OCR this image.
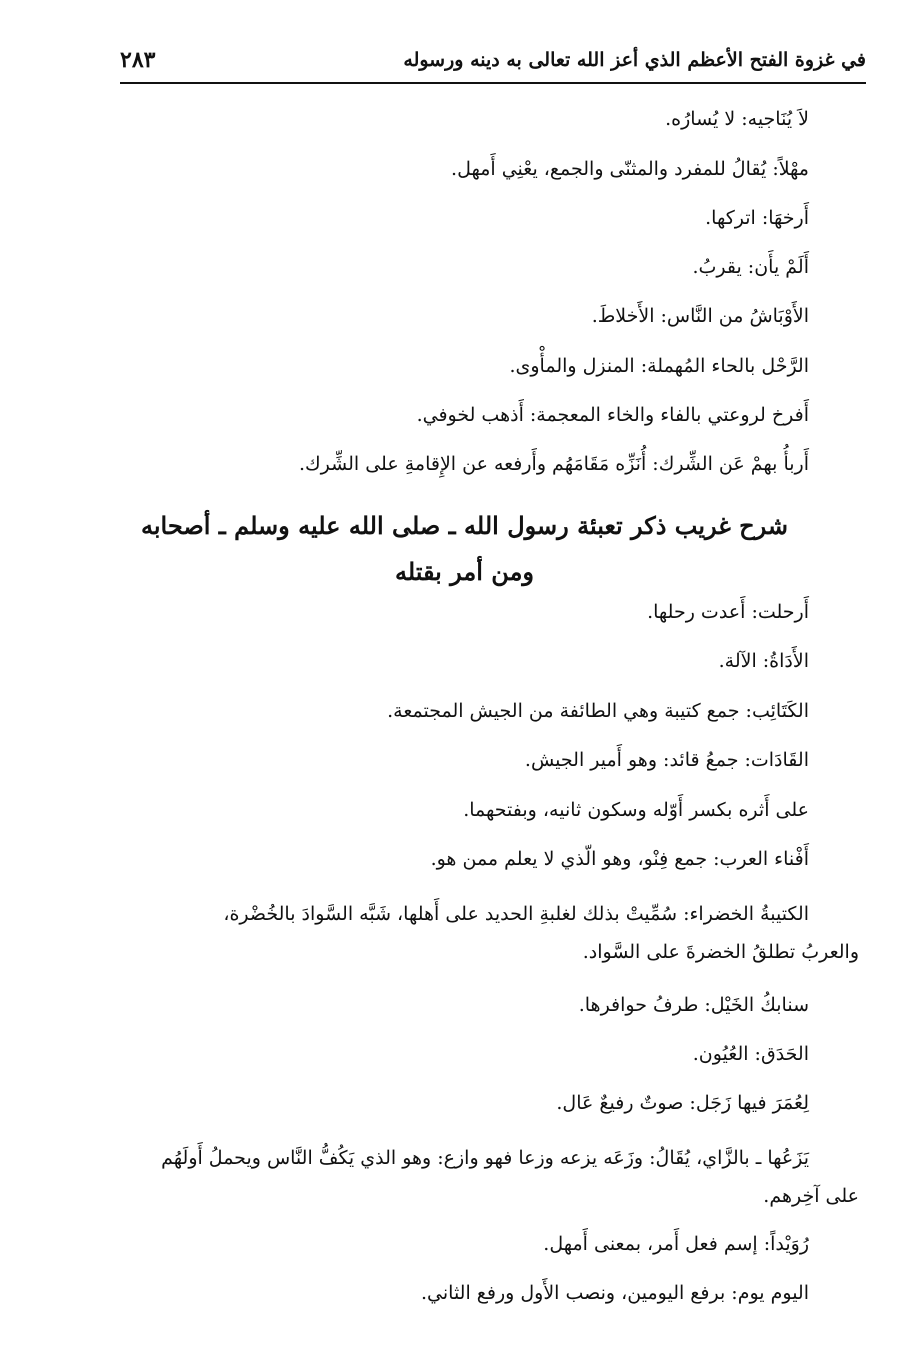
٢٨٣	في غزوة الفتح الأعظم الذي أعز الله تعالى به دينه ورسوله
لاَ يُنَاجيه: لا يُسارُه.
مهْلاً: يُقالُ للمفرد والمثنّى والجمع، يعْنِي أَمهل.
أَرخهَا: اتركها.
أَلَمْ يأَن: يقربُ.
الأَوْبَاشُ من النَّاس: الأَخلاطَ.
الرَّحْل بالحاء المُهملة: المنزل والمأْوى.
أَفرخ لروعتي بالفاء والخاء المعجمة: أَذهب لخوفي.
أَربأُ بهمْ عَن الشِّرك: أُنَزِّه مَقَامَهُم وأَرفعه عن الإِقامةِ على الشِّرك.
شرح غريب ذكر تعبئة رسول الله ـ صلى الله عليه وسلم ـ أصحابه
ومن أمر بقتله
أَرحلت: أَعدت رحلها.
الأَدَاةُ: الآلة.
الكَتَائِب: جمع كتيبة وهي الطائفة من الجيش المجتمعة.
القَادَات: جمعُ قائد: وهو أَمير الجيش.
على أَثره بكسر أَوّله وسكون ثانيه، وبفتحهما.
أَفْناء العرب: جمع فِنْو، وهو الّذي لا يعلم ممن هو.
الكتيبةُ الخضراء: سُمِّيتْ بذلك لغلبةِ الحديد على أَهلها، شَبَّه السَّوادَ بالخُضْرة،
والعربُ تطلقُ الخضرةَ على السَّواد.
سنابكُ الخَيْل: طرفُ حوافرها.
الحَدَق: العُيُون.
لِعُمَرَ فيها زَجَل: صوتٌ رفيعٌ عَال.
يَزَعُها ـ بالزَّاي، يُقَالُ: وزَعَه يزعه وزعا فهو وازع: وهو الذي يَكُفُّ النَّاس ويحملُ أَولَهُم
على آخِرهم.
رُوَيْداً: إسم فعل أَمر، بمعنى أَمهل.
اليوم يوم: برفع اليومين، ونصب الأَول ورفع الثاني.
